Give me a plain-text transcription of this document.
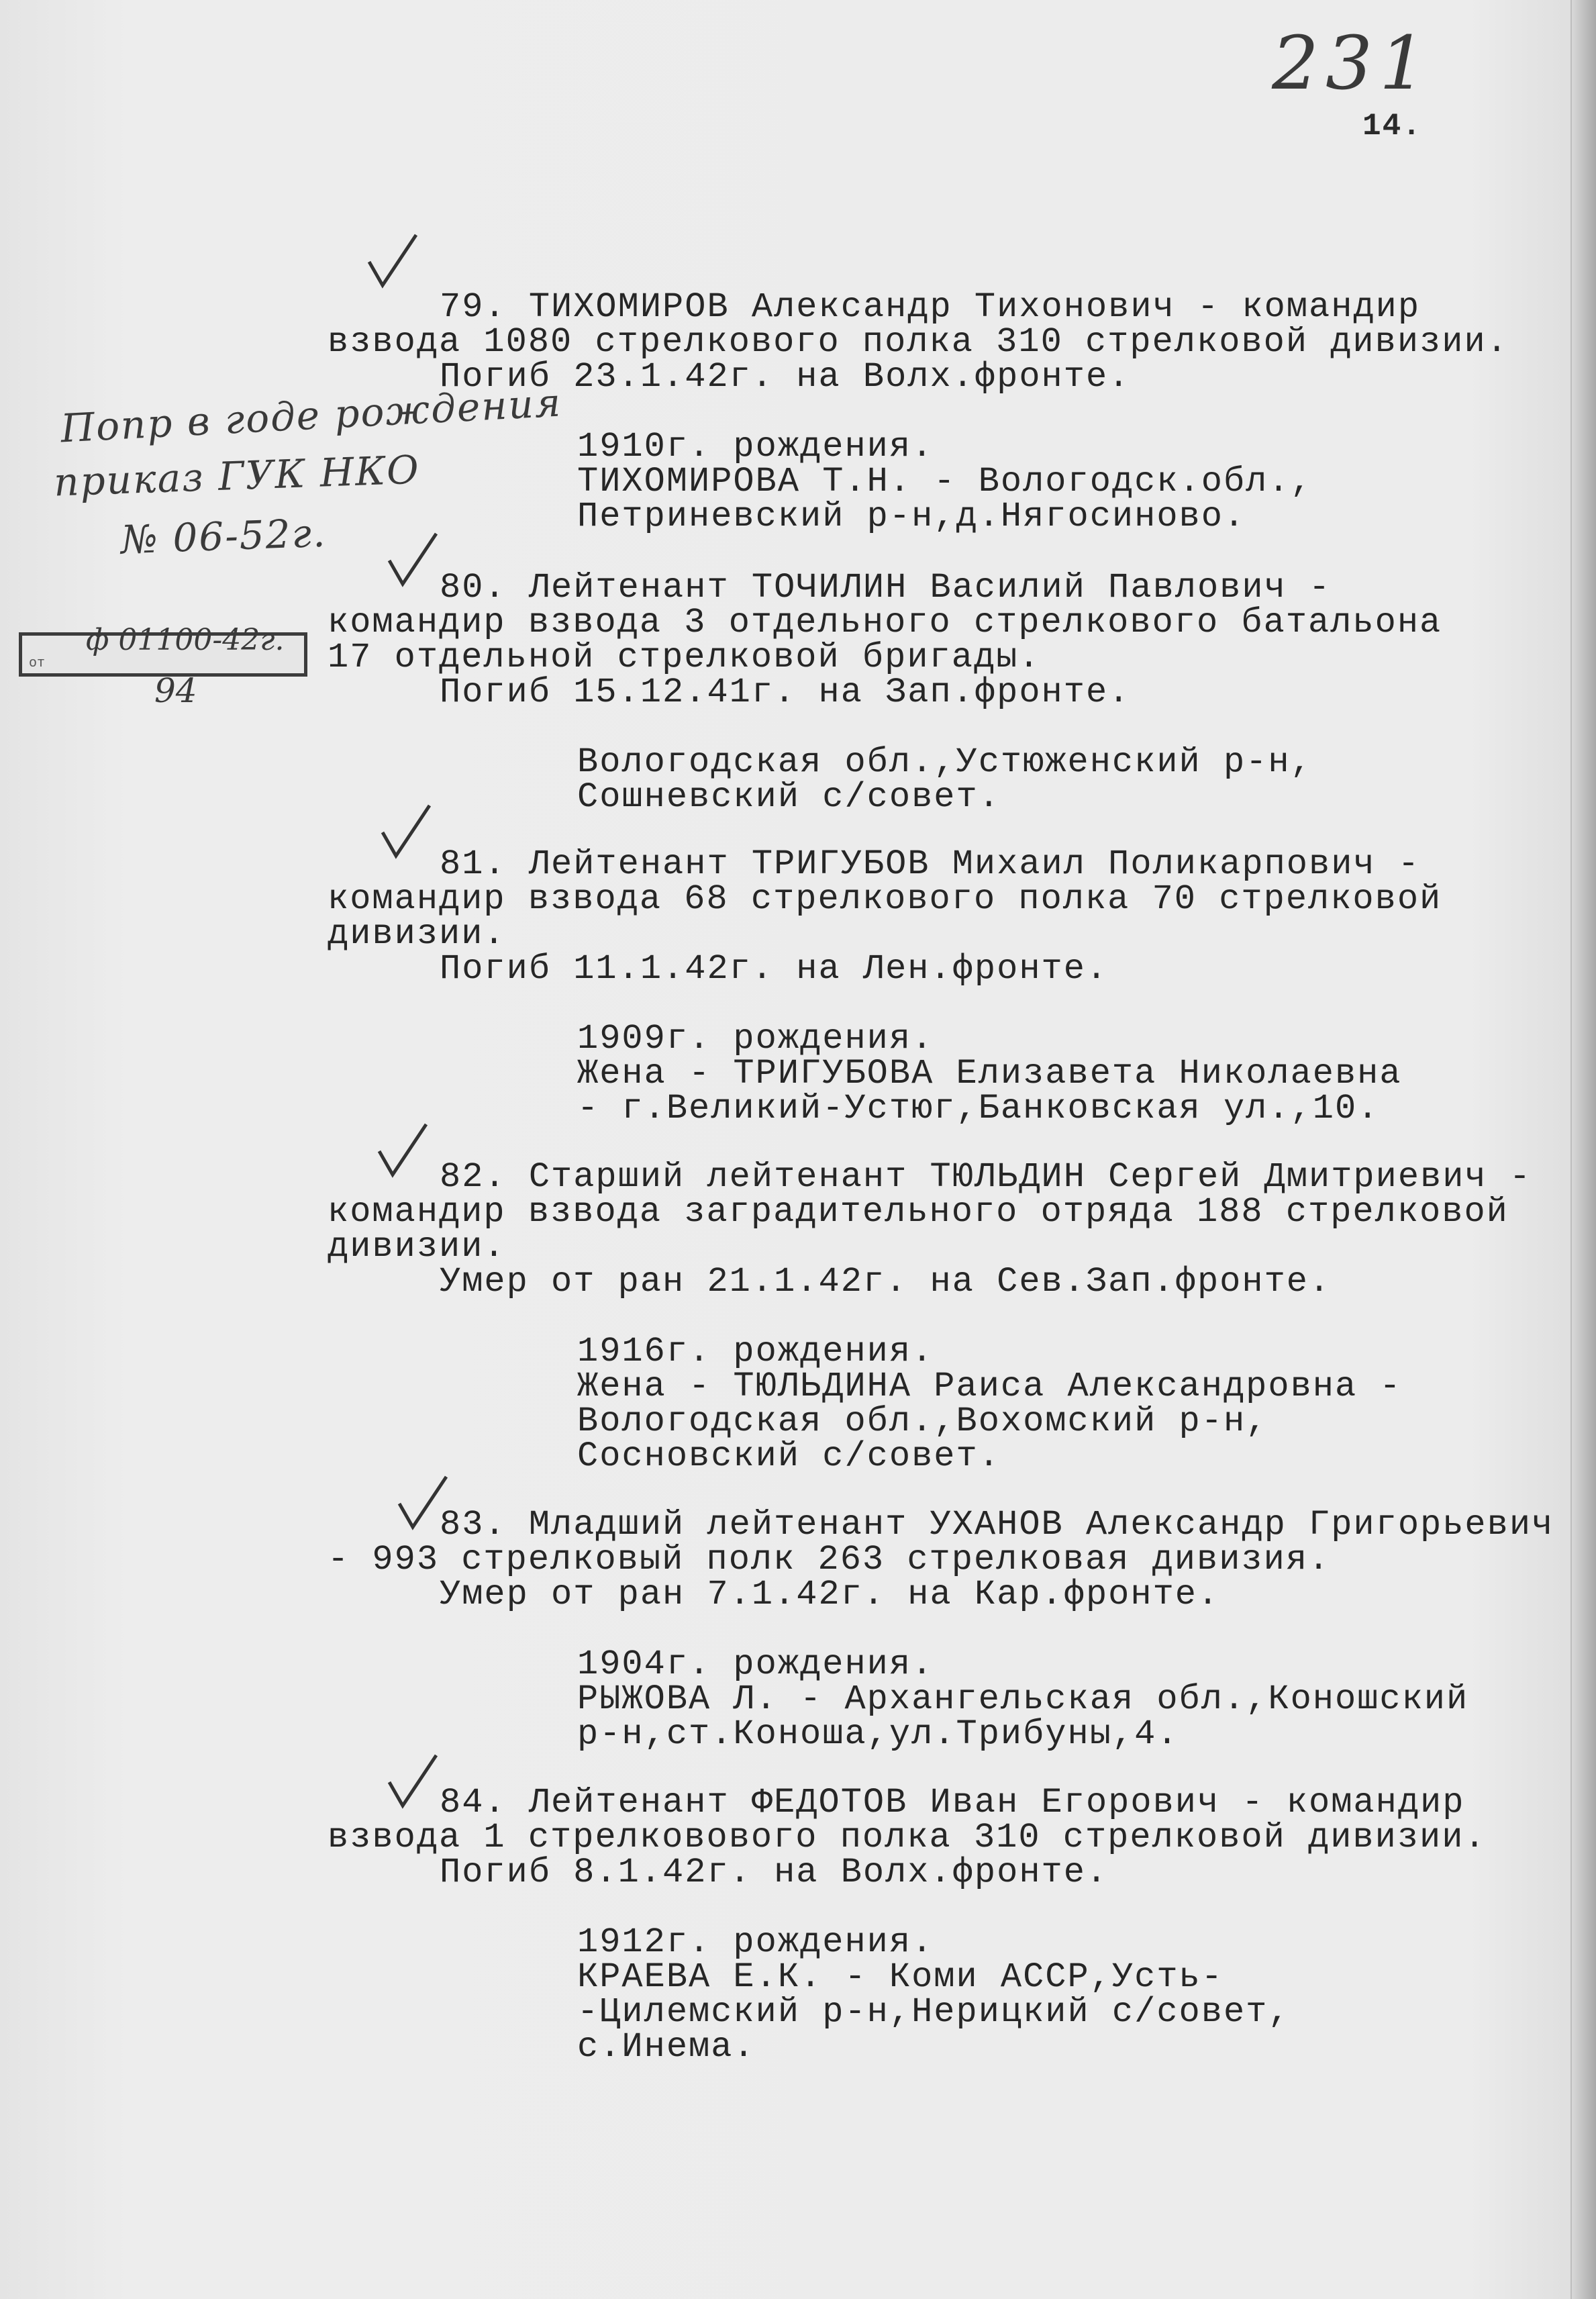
231
14.
Попр в годе рождения
приказ ГУК НКО
№ 06-52г.
от
ф 01100-42г.
94
79. ТИХОМИРОВ Александр Тихонович - командир
взвода 1080 стрелкового полка 310 стрелковой дивизии.
Погиб 23.1.42г. на Волх.фронте.
1910г. рождения.
ТИХОМИРОВА Т.Н. - Вологодск.обл.,
Петриневский р-н,д.Нягосиново.
80. Лейтенант ТОЧИЛИН Василий Павлович -
командир взвода 3 отдельного стрелкового батальона
17 отдельной стрелковой бригады.
Погиб 15.12.41г. на Зап.фронте.
Вологодская обл.,Устюженский р-н,
Сошневский с/совет.
81. Лейтенант ТРИГУБОВ Михаил Поликарпович -
командир взвода 68 стрелкового полка 70 стрелковой
дивизии.
Погиб 11.1.42г. на Лен.фронте.
1909г. рождения.
Жена - ТРИГУБОВА Елизавета Николаевна
- г.Великий-Устюг,Банковская ул.,10.
82. Старший лейтенант ТЮЛЬДИН Сергей Дмитриевич -
командир взвода заградительного отряда 188 стрелковой
дивизии.
Умер от ран 21.1.42г. на Сев.Зап.фронте.
1916г. рождения.
Жена - ТЮЛЬДИНА Раиса Александровна -
Вологодская обл.,Вохомский р-н,
Сосновский с/совет.
83. Младший лейтенант УХАНОВ Александр Григорьевич
- 993 стрелковый полк 263 стрелковая дивизия.
Умер от ран 7.1.42г. на Кар.фронте.
1904г. рождения.
РЫЖОВА Л. - Архангельская обл.,Коношский
р-н,ст.Коноша,ул.Трибуны,4.
84. Лейтенант ФЕДОТОВ Иван Егорович - командир
взвода 1 стрелковового полка 310 стрелковой дивизии.
Погиб 8.1.42г. на Волх.фронте.
1912г. рождения.
КРАЕВА Е.К. - Коми АССР,Усть-
-Цилемский р-н,Нерицкий с/совет,
с.Инема.
